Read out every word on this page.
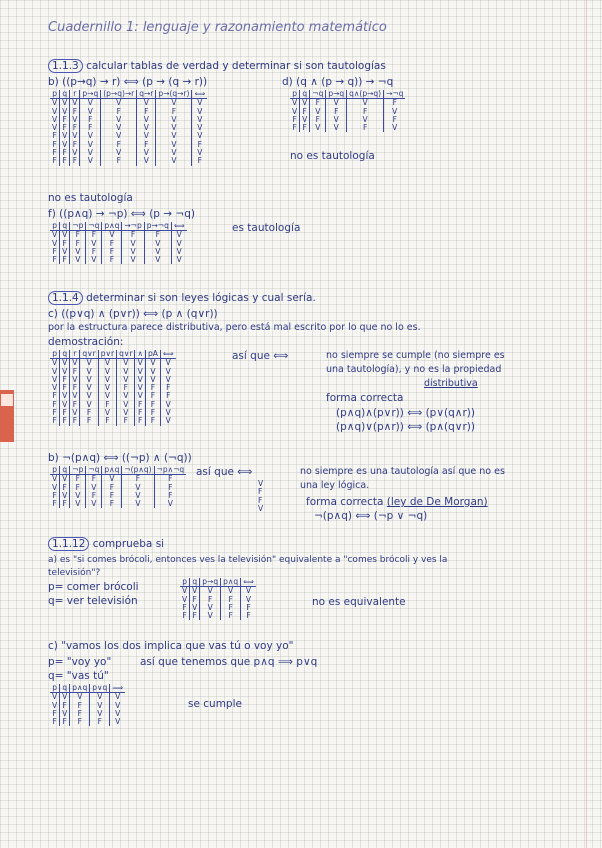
Cuadernillo 1: lenguaje y razonamiento matemático
1.1.3 calcular tablas de verdad y determinar si son tautologías
b) ((p→q) → r) ⟺ (p → (q → r))
p	q	r	p→q	(p→q)→r	q→r	p→(q→r)	⟺
V	V	V	V	V	V	V	V
V	V	F	V	F	F	F	V
V	F	V	F	V	V	V	V
V	F	F	F	V	V	V	V
F	V	V	V	V	V	V	V
F	V	F	V	F	F	V	F
F	F	V	V	V	V	V	V
F	F	F	V	F	V	V	F
no es tautología
d) (q ∧ (p → q)) → ¬q
p	q	¬q	p→q	q∧(p→q)	→¬q
V	V	F	V	V	F
V	F	V	F	F	V
F	V	F	V	V	F
F	F	V	V	F	V
no es tautología
f) ((p∧q) → ¬p) ⟺ (p → ¬q)
p	q	¬p	¬q	p∧q	→¬p	p→¬q	⟺
V	V	F	F	V	F	F	V
V	F	F	V	F	V	V	V
F	V	V	F	F	V	V	V
F	F	V	V	F	V	V	V
es tautología
1.1.4 determinar si son leyes lógicas y cual sería.
c) ((p∨q) ∧ (p∨r)) ⟺ (p ∧ (q∨r))
por la estructura parece distributiva, pero está mal escrito por lo que no lo es.
demostración:
p	q	r	q∨r	p∨r	q∨r	∧	pA	⟺
V	V	V	V	V	V	V	V	V
V	V	F	V	V	V	V	V	V
V	F	V	V	V	V	V	V	V
V	F	F	V	V	F	V	F	F
F	V	V	V	V	V	V	F	F
F	V	F	V	F	V	F	F	V
F	F	V	F	V	V	F	F	V
F	F	F	F	F	F	F	F	V
así que ⟺	no siempre se cumple (no siempre es
una tautología), y no es la propiedad
distributiva
forma correcta
(p∧q)∧(p∨r)) ⟺ (p∨(q∧r))
(p∧q)∨(p∧r)) ⟺ (p∧(q∨r))
b) ¬(p∧q) ⟺ ((¬p) ∧ (¬q))
p	q	¬p	¬q	p∧q	¬(p∧q)	¬p∧¬q
V	V	F	F	V	F	F
V	F	F	V	F	V	F
F	V	V	F	F	V	F
F	F	V	V	F	V	V
así que ⟺
V
F
F
V
no siempre es una tautología así que no es
una ley lógica.
forma correcta (ley de De Morgan)
¬(p∧q) ⟺ (¬p ∨ ¬q)
1.1.12 comprueba si
a) es "si comes brócoli, entonces ves la televisión" equivalente a "comes brócoli y ves la
televisión"?
p= comer brócoli
q= ver televisión
p	q	p→q	p∧q	⟺
V	V	V	V	V
V	F	F	F	V
F	V	V	F	F
F	F	V	F	F
no es equivalente
c) "vamos los dos implica que vas tú o voy yo"
p= "voy yo"	así que tenemos que p∧q ⟹ p∨q
q= "vas tú"
p	q	p∧q	p∨q	⟹
V	V	V	V	V
V	F	F	V	V
F	V	F	V	V
F	F	F	F	V
se cumple
